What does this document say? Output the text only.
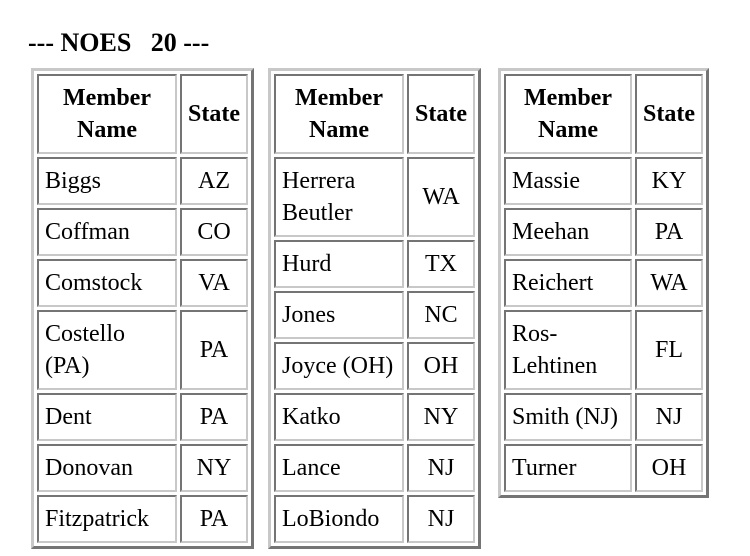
--- NOES   20 ---
Member Name	State
Biggs	AZ
Coffman	CO
Comstock	VA
Costello (PA)	PA
Dent	PA
Donovan	NY
Fitzpatrick	PA
Member Name	State
Herrera Beutler	WA
Hurd	TX
Jones	NC
Joyce (OH)	OH
Katko	NY
Lance	NJ
LoBiondo	NJ
Member Name	State
Massie	KY
Meehan	PA
Reichert	WA
Ros-Lehtinen	FL
Smith (NJ)	NJ
Turner	OH
